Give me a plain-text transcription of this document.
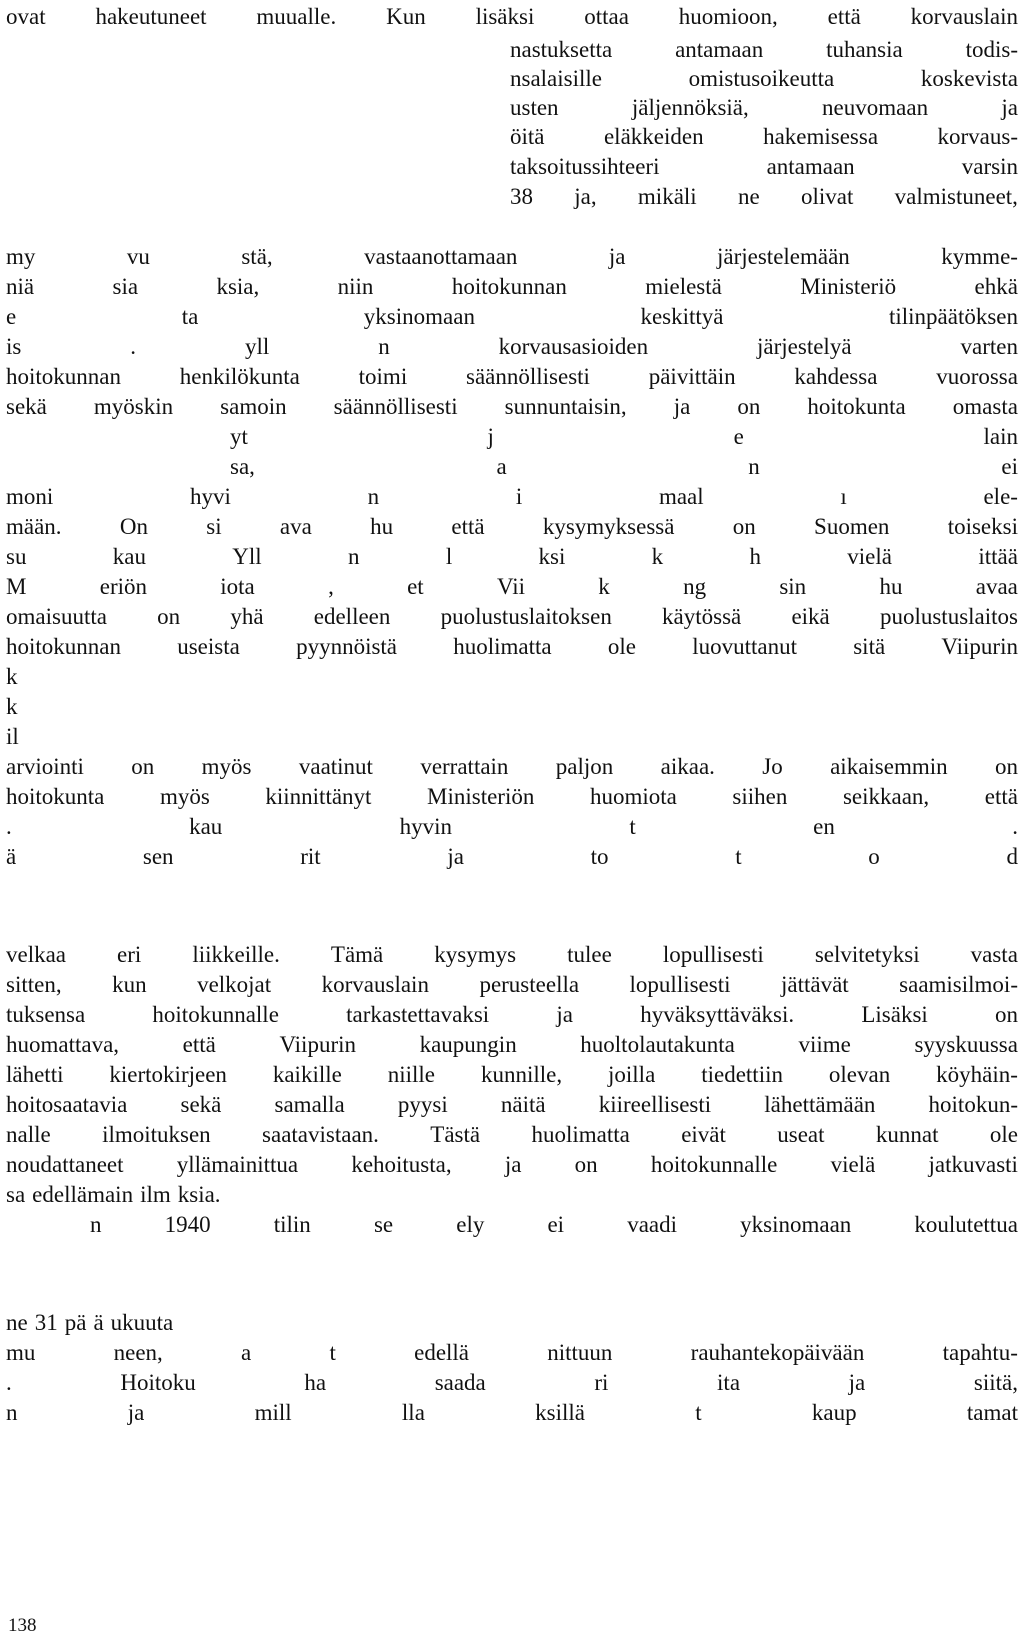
ovat hakeutuneet muualle. Kun lisäksi ottaa huomioon, että korvauslain
nastuksetta	antamaan	tuhansia	todis-
nsalaisille	omistusoikeutta	koskevista
usten	jäljennöksiä,	neuvomaan	ja
öitä	eläkkeiden	hakemisessa	korvaus-
taksoitussihteeri	antamaan	varsin
38 ja, mikäli ne olivat valmistuneet,
my	vu	stä,	vastaanottamaan	ja	järjestelemään	kymme-
niä	sia	ksia,	niin	hoitokunnan	mielestä	Ministeriö	ehkä
e	ta	yksinomaan	keskittyä	tilinpäätöksen
is	.	yll	n	korvausasioiden	järjestelyä	varten
hoitokunnan	henkilökunta	toimi	säännöllisesti	päivittäin	kahdessa	vuorossa
sekä myöskin samoin säännöllisesti sunnuntaisin, ja on hoitokunta omasta
yt	j	e	lain
sa,	a	n	ei
moni	hyvi	n	i	maal	ı	ele-
mään.	On	si	ava	hu	että	kysymyksessä	on	Suomen	toiseksi
su	kau	Yll	n	l	ksi	k	h	vielä	ittää
M	eriön	iota	,	et	Vii	k	ng	sin	hu	avaa
omaisuutta on yhä edelleen puolustuslaitoksen käytössä eikä puolustuslaitos
hoitokunnan useista pyynnöistä huolimatta ole luovuttanut sitä Viipurin
k
k
il
arviointi on myös vaatinut verrattain paljon aikaa. Jo aikaisemmin on
hoitokunta myös kiinnittänyt Ministeriön huomiota siihen seikkaan, että
.	kau	hyvin	t	en	.
ä	sen	rit	ja	to	t	o	d
velkaa eri liikkeille. Tämä kysymys tulee lopullisesti selvitetyksi vasta
sitten, kun velkojat korvauslain perusteella lopullisesti jättävät saamisilmoi-
tuksensa	hoitokunnalle	tarkastettavaksi	ja	hyväksyttäväksi.	Lisäksi	on
huomattava,	että	Viipurin	kaupungin	huoltolautakunta	viime	syyskuussa
lähetti kiertokirjeen kaikille niille kunnille, joilla tiedettiin olevan köyhäin-
hoitosaatavia sekä samalla pyysi näitä kiireellisesti lähettämään hoitokun-
nalle ilmoituksen saatavistaan. Tästä huolimatta eivät useat kunnat ole
noudattaneet yllämainittua kehoitusta, ja on hoitokunnalle vielä jatkuvasti
sa edellämain ilm ksia.
n	1940	tilin	se	ely	ei	vaadi	yksinomaan	koulutettua
ne 31 pä ä ukuuta
mu	neen,	a	t	edellä	nittuun	rauhantekopäivään	tapahtu-
.	Hoitoku	ha	saada	ri	ita	ja	siitä,
n	ja	mill	lla	ksillä	t	kaup	tamat
138
